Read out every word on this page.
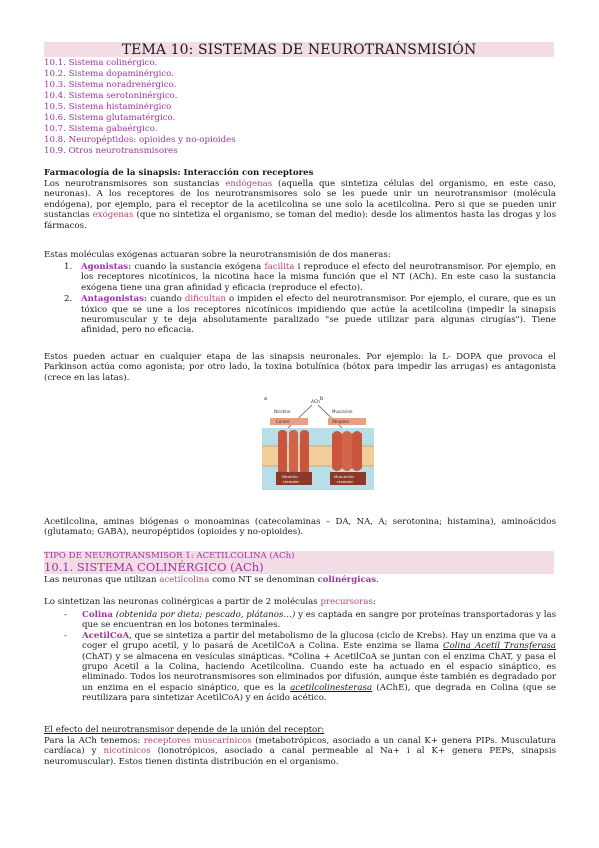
TEMA 10: SISTEMAS DE NEUROTRANSMISIÓN
10.1. Sistema colinérgico.
10.2. Sistema dopaminérgico.
10.3. Sistema noradrenérgico.
10.4. Sistema serotoninérgico.
10.5. Sistema histaminérgico
10.6. Sistema glutamatérgico.
10.7. Sistema gabaérgico.
10.8. Neuropéptidos: opioides y no-opioides
10.9. Otros neurotransmisores
Farmacología de la sinapsis: Interacción con receptores
Los neurotransmisores son sustancias endógenas (aquella que sintetiza células del organismo, en este caso, neuronas). A los receptores de los neurotransmisores solo se les puede unir un neurotransmisor (molécula endógena), por ejemplo, para el receptor de la acetilcolina se une solo la acetilcolina. Pero si que se pueden unir sustancias exógenas (que no sintetiza el organismo, se toman del medio): desde los alimentos hasta las drogas y los fármacos.
Estas moléculas exógenas actuaran sobre la neurotransmisión de dos maneras:
1. Agonistas: cuando la sustancia exógena facilita i reproduce el efecto del neurotransmisor. Por ejemplo, en los receptores nicotínicos, la nicotina hace la misma función que el NT (ACh). En este caso la sustancia exógena tiene una gran afinidad y eficacia (reproduce el efecto).
2. Antagonistas: cuando dificultan o impiden el efecto del neurotransmisor. Por ejemplo, el curare, que es un tóxico que se une a los receptores nicotínicos impidiendo que actúe la acetilcolina (impedir la sinapsis neuromuscular y te deja absolutamente paralizado "se puede utilizar para algunas cirugías"). Tiene afinidad, pero no eficacia.
Estos pueden actuar en cualquier etapa de las sinapsis neuronales. Por ejemplo: la L- DOPA que provoca el Parkinson actúa como agonista; por otro lado, la toxina botulínica (bótox para impedir las arrugas) es antagonista (crece en las latas).
a	b
ACh
Nicotine	Muscarine
Curare	Atropine
Nicotinic
receptor
Muscarinic
receptor
Acetilcolina, aminas biógenas o monoaminas (catecolaminas – DA, NA, A; serotonina; histamina), aminoácidos (glutamato; GABA), neuropéptidos (opioides y no-opioides).
TIPO DE NEUROTRANSMISOR 1: ACETILCOLINA (ACh)
10.1. SISTEMA COLINÉRGICO (ACh)
Las neuronas que utilizan acetilcolina como NT se denominan colinérgicas.
Lo sintetizan las neuronas colinérgicas a partir de 2 moléculas precursoras:
- Colina (obtenida por dieta; pescado, plátanos…) y es captada en sangre por proteínas transportadoras y las que se encuentran en los botones terminales.
- AcetilCoA, que se sintetiza a partir del metabolismo de la glucosa (ciclo de Krebs). Hay un enzima que va a coger el grupo acetil, y lo pasará de AcetilCoA a Colina. Este enzima se llama Colina Acetil Transferasa (ChAT) y se almacena en vesículas sinápticas. *Colina + AcetilCoA se juntan con el enzima ChAT, y pasa el grupo Acetil a la Colina, haciendo Acetilcolina. Cuando este ha actuado en el espacio sináptico, es eliminado. Todos los neurotransmisores son eliminados por difusión, aunque éste también es degradado por un enzima en el espacio sináptico, que es la acetilcolinesterasa (AChE), que degrada en Colina (que se reutilizara para sintetizar AcetilCoA) y en ácido acético.
El efecto del neurotransmisor depende de la unión del receptor:
Para la ACh tenemos: receptores muscarínicos (metabotrópicos, asociado a un canal K+ genera PIPs. Musculatura cardíaca) y nicotínicos (ionotrópicos, asociado a canal permeable al Na+ i al K+ genera PEPs, sinapsis neuromuscular). Estos tienen distinta distribución en el organismo.
